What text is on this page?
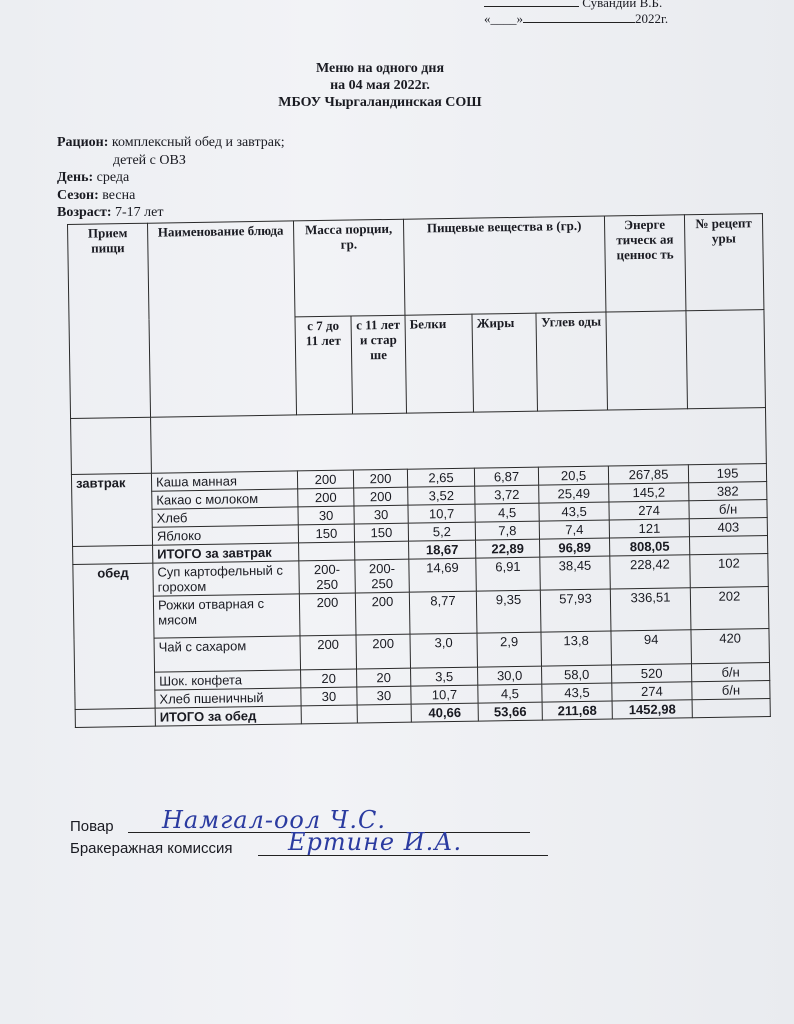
Сувандии В.Б.
«____»	2022г.
Меню на одного дня
на 04 мая 2022г.
МБОУ Чыргаландинская СОШ
Рацион: комплексный обед и завтрак;
детей с ОВЗ
День: среда
Сезон: весна
Возраст: 7-17 лет
Прием пищи	Наименование блюда	Масса порции, гр.		Пищевые вещества в (гр.)			Энерге тическ ая ценнос ть	№ рецепт уры
		с 7 до 11 лет	с 11 лет и стар ше	Белки	Жиры	Углев оды		

завтрак	Каша манная	200	200	2,65	6,87	20,5	267,85	195
	Какао с молоком	200	200	3,52	3,72	25,49	145,2	382
	Хлеб	30	30	10,7	4,5	43,5	274	б/н
	Яблоко	150	150	5,2	7,8	7,4	121	403
	ИТОГО за завтрак			18,67	22,89	96,89	808,05	
обед	Суп картофельный с горохом	200-250	200-250	14,69	6,91	38,45	228,42	102
	Рожки отварная с мясом	200	200	8,77	9,35	57,93	336,51	202
	Чай с сахаром	200	200	3,0	2,9	13,8	94	420
	Шок. конфета	20	20	3,5	30,0	58,0	520	б/н
	Хлеб пшеничный	30	30	10,7	4,5	43,5	274	б/н
	ИТОГО за обед			40,66	53,66	211,68	1452,98	
Повар Намгал-оол Ч.С.
Бракеражная комиссия Ертине И.А.
